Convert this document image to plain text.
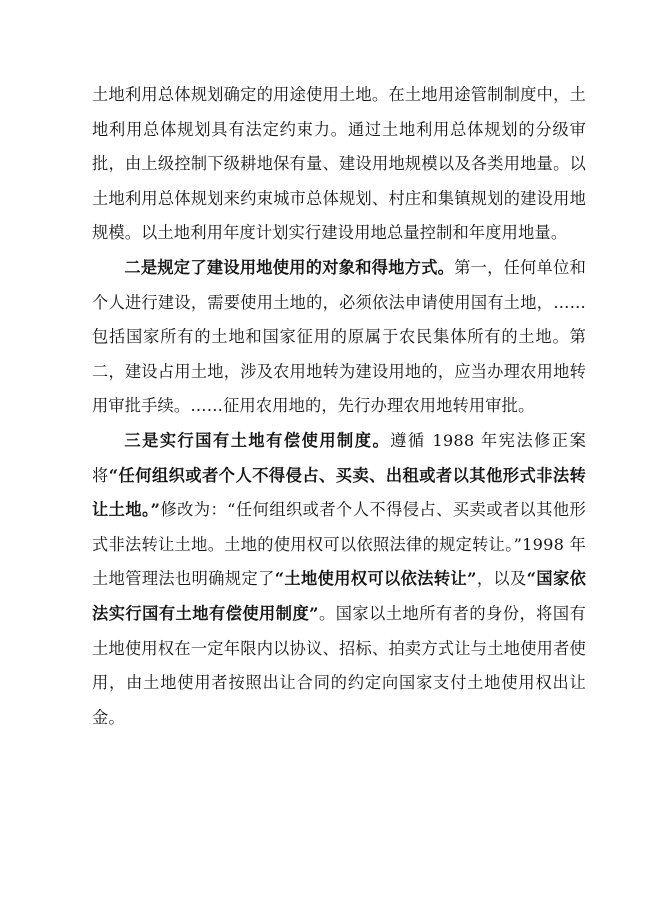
土地利用总体规划确定的用途使用土地。在土地用途管制制度中，土地利用总体规划具有法定约束力。通过土地利用总体规划的分级审批，由上级控制下级耕地保有量、建设用地规模以及各类用地量。以土地利用总体规划来约束城市总体规划、村庄和集镇规划的建设用地规模。以土地利用年度计划实行建设用地总量控制和年度用地量。

二是规定了建设用地使用的对象和得地方式。第一，任何单位和个人进行建设，需要使用土地的，必须依法申请使用国有土地，……包括国家所有的土地和国家征用的原属于农民集体所有的土地。第二，建设占用土地，涉及农用地转为建设用地的，应当办理农用地转用审批手续。……征用农用地的，先行办理农用地转用审批。

三是实行国有土地有偿使用制度。遵循 1988 年宪法修正案将“任何组织或者个人不得侵占、买卖、出租或者以其他形式非法转让土地。”修改为：“任何组织或者个人不得侵占、买卖或者以其他形式非法转让土地。土地的使用权可以依照法律的规定转让。”1998 年土地管理法也明确规定了“土地使用权可以依法转让”，以及“国家依法实行国有土地有偿使用制度”。国家以土地所有者的身份，将国有土地使用权在一定年限内以协议、招标、拍卖方式让与土地使用者使用，由土地使用者按照出让合同的约定向国家支付土地使用权出让金。
